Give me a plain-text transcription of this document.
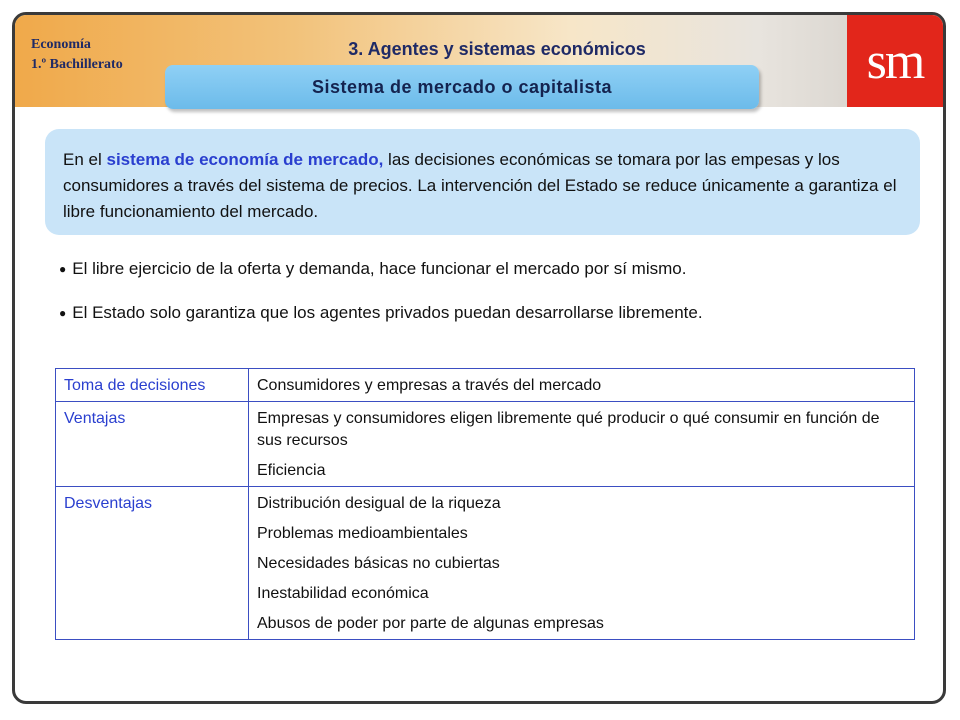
Economía
1.º Bachillerato
3. Agentes y sistemas económicos	sm
Sistema de mercado o capitalista
En el sistema de economía de mercado, las decisiones económicas se tomara por las empesas y los consumidores a través del sistema de precios. La intervención del Estado se reduce únicamente a garantiza el libre funcionamiento del mercado.
● El libre ejercicio de la oferta y demanda, hace funcionar el mercado por sí mismo.
● El Estado solo garantiza que los agentes privados puedan desarrollarse libremente.
Toma de decisiones	Consumidores y empresas a través del mercado

Ventajas	Empresas y consumidores eligen libremente qué producir o qué consumir en función de sus recursos
Eficiencia

Desventajas	Distribución desigual de la riqueza
Problemas medioambientales
Necesidades básicas no cubiertas
Inestabilidad económica
Abusos de poder por parte de algunas empresas
